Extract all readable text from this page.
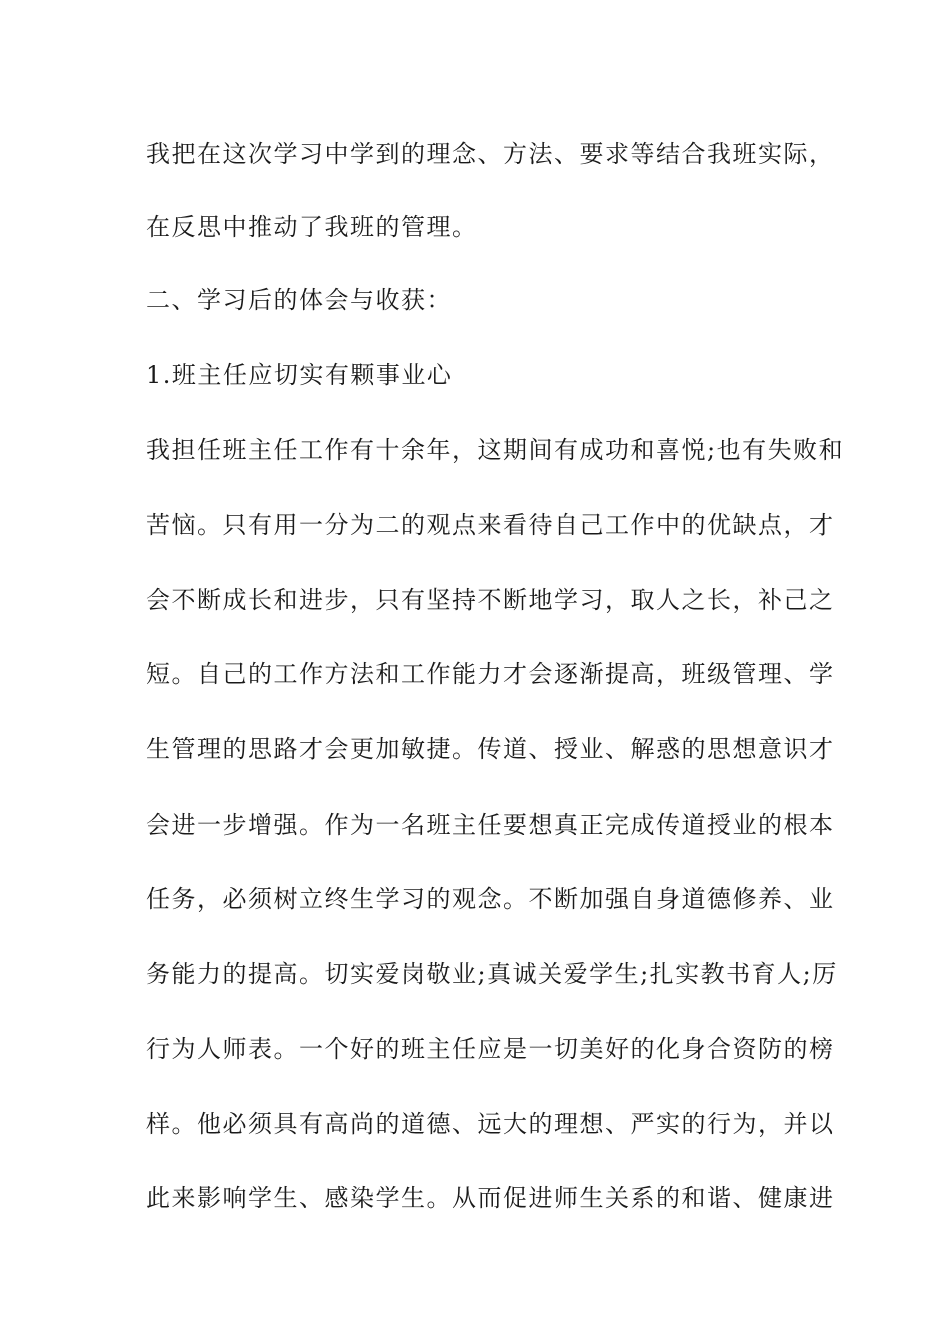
我把在这次学习中学到的理念、方法、要求等结合我班实际，
在反思中推动了我班的管理。
二、学习后的体会与收获：
1.班主任应切实有颗事业心
我担任班主任工作有十余年，这期间有成功和喜悦;也有失败和
苦恼。只有用一分为二的观点来看待自己工作中的优缺点，才
会不断成长和进步，只有坚持不断地学习，取人之长，补己之
短。自己的工作方法和工作能力才会逐渐提高，班级管理、学
生管理的思路才会更加敏捷。传道、授业、解惑的思想意识才
会进一步增强。作为一名班主任要想真正完成传道授业的根本
任务，必须树立终生学习的观念。不断加强自身道德修养、业
务能力的提高。切实爱岗敬业;真诚关爱学生;扎实教书育人;厉
行为人师表。一个好的班主任应是一切美好的化身合资防的榜
样。他必须具有高尚的道德、远大的理想、严实的行为，并以
此来影响学生、感染学生。从而促进师生关系的和谐、健康进
